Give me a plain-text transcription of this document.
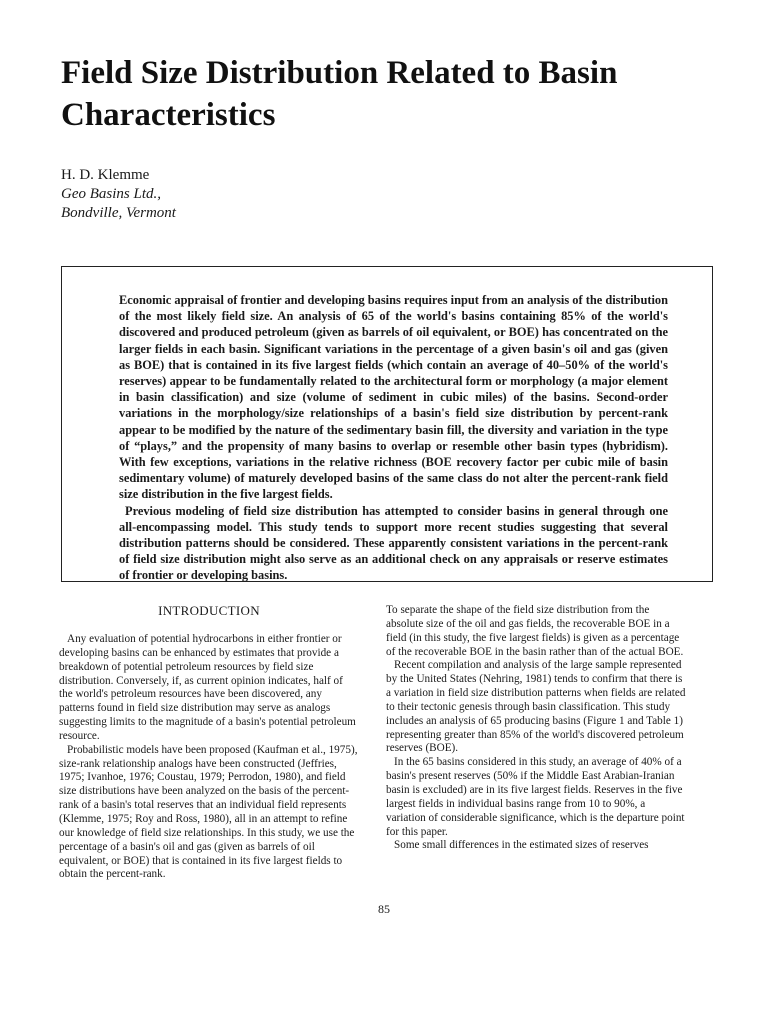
Field Size Distribution Related to Basin Characteristics
H. D. Klemme
Geo Basins Ltd.,
Bondville, Vermont

Economic appraisal of frontier and developing basins requires input from an analysis of the distribution of the most likely field size. An analysis of 65 of the world's basins containing 85% of the world's discovered and produced petroleum (given as barrels of oil equivalent, or BOE) has concentrated on the larger fields in each basin. Significant variations in the percentage of a given basin's oil and gas (given as BOE) that is contained in its five largest fields (which contain an average of 40–50% of the world's reserves) appear to be fundamentally related to the architectural form or morphology (a major element in basin classification) and size (volume of sediment in cubic miles) of the basins. Second-order variations in the morphology/size relationships of a basin's field size distribution by percent-rank appear to be modified by the nature of the sedimentary basin fill, the diversity and variation in the type of “plays,” and the propensity of many basins to overlap or resemble other basin types (hybridism). With few exceptions, variations in the relative richness (BOE recovery factor per cubic mile of basin sedimentary volume) of maturely developed basins of the same class do not alter the percent-rank field size distribution in the five largest fields.

Previous modeling of field size distribution has attempted to consider basins in general through one all-encompassing model. This study tends to support more recent studies suggesting that several distribution patterns should be considered. These apparently consistent variations in the percent-rank of field size distribution might also serve as an additional check on any appraisals or reserve estimates of frontier or developing basins.

INTRODUCTION

Any evaluation of potential hydrocarbons in either frontier or developing basins can be enhanced by estimates that provide a breakdown of potential petroleum resources by field size distribution. Conversely, if, as current opinion indicates, half of the world's petroleum resources have been discovered, any patterns found in field size distribution may serve as analogs suggesting limits to the magnitude of a basin's potential petroleum resource.

Probabilistic models have been proposed (Kaufman et al., 1975), size-rank relationship analogs have been constructed (Jeffries, 1975; Ivanhoe, 1976; Coustau, 1979; Perrodon, 1980), and field size distributions have been analyzed on the basis of the percent-rank of a basin's total reserves that an individual field represents (Klemme, 1975; Roy and Ross, 1980), all in an attempt to refine our knowledge of field size relationships. In this study, we use the percentage of a basin's oil and gas (given as barrels of oil equivalent, or BOE) that is contained in its five largest fields to obtain the percent-rank.

To separate the shape of the field size distribution from the absolute size of the oil and gas fields, the recoverable BOE in a field (in this study, the five largest fields) is given as a percentage of the recoverable BOE in the basin rather than of the actual BOE.

Recent compilation and analysis of the large sample represented by the United States (Nehring, 1981) tends to confirm that there is a variation in field size distribution patterns when fields are related to their tectonic genesis through basin classification. This study includes an analysis of 65 producing basins (Figure 1 and Table 1) representing greater than 85% of the world's discovered petroleum reserves (BOE).

In the 65 basins considered in this study, an average of 40% of a basin's present reserves (50% if the Middle East Arabian-Iranian basin is excluded) are in its five largest fields. Reserves in the five largest fields in individual basins range from 10 to 90%, a variation of considerable significance, which is the departure point for this paper.

Some small differences in the estimated sizes of reserves

85
